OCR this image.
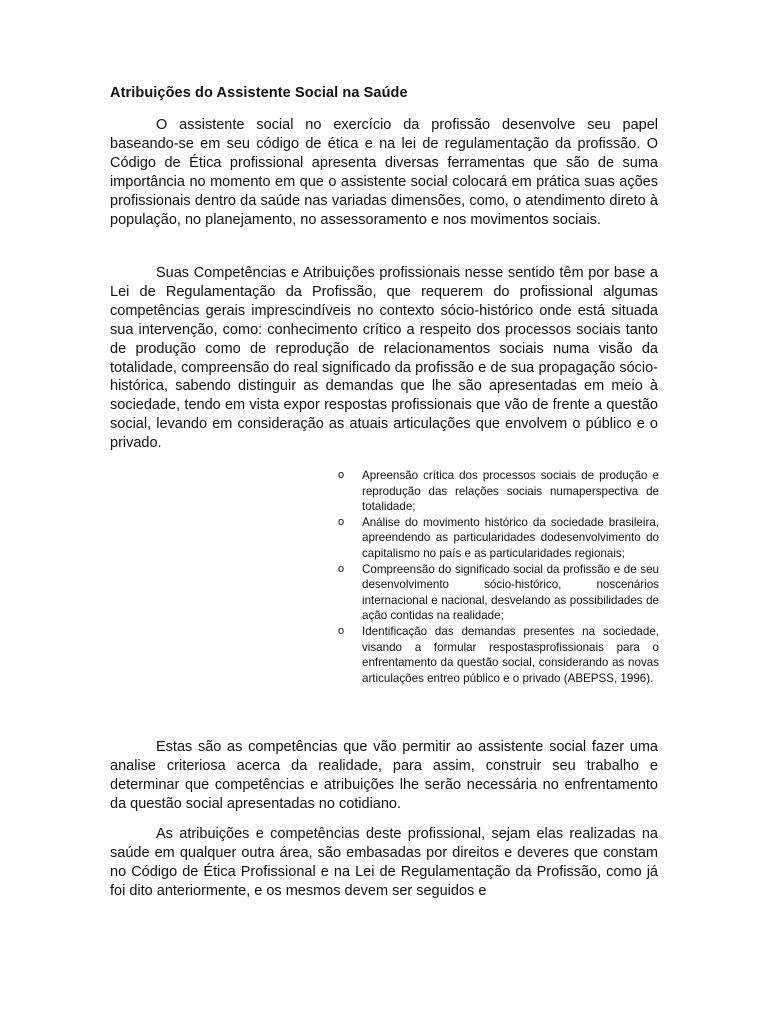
Atribuições do Assistente Social na Saúde

O assistente social no exercício da profissão desenvolve seu papel baseando-se em seu código de ética e na lei de regulamentação da profissão. O Código de Ética profissional apresenta diversas ferramentas que são de suma importância no momento em que o assistente social colocará em prática suas ações profissionais dentro da saúde nas variadas dimensões, como, o atendimento direto à população, no planejamento, no assessoramento e nos movimentos sociais.

Suas Competências e Atribuições profissionais nesse sentido têm por base a Lei de Regulamentação da Profissão, que requerem do profissional algumas competências gerais imprescindíveis no contexto sócio-histórico onde está situada sua intervenção, como: conhecimento crítico a respeito dos processos sociais tanto de produção como de reprodução de relacionamentos sociais numa visão da totalidade, compreensão do real significado da profissão e de sua propagação sócio- histórica, sabendo distinguir as demandas que lhe são apresentadas em meio à sociedade, tendo em vista expor respostas profissionais que vão de frente a questão social, levando em consideração as atuais articulações que envolvem o público e o privado.

o Apreensão crítica dos processos sociais de produção e reprodução das relações sociais numaperspectiva de totalidade;
o Análise do movimento histórico da sociedade brasileira, apreendendo as particularidades dodesenvolvimento do capitalismo no país e as particularidades regionais;
o Compreensão do significado social da profissão e de seu desenvolvimento sócio-histórico, noscenários internacional e nacional, desvelando as possibilidades de ação contidas na realidade;
o Identificação das demandas presentes na sociedade, visando a formular respostasprofissionais para o enfrentamento da questão social, considerando as novas articulações entreo público e o privado (ABEPSS, 1996).

Estas são as competências que vão permitir ao assistente social fazer uma analise criteriosa acerca da realidade, para assim, construir seu trabalho e determinar que competências e atribuições lhe serão necessária no enfrentamento da questão social apresentadas no cotidiano.

As atribuições e competências deste profissional, sejam elas realizadas na saúde em qualquer outra área, são embasadas por direitos e deveres que constam no Código de Ética Profissional e na Lei de Regulamentação da Profissão, como já foi dito anteriormente, e os mesmos devem ser seguidos e
